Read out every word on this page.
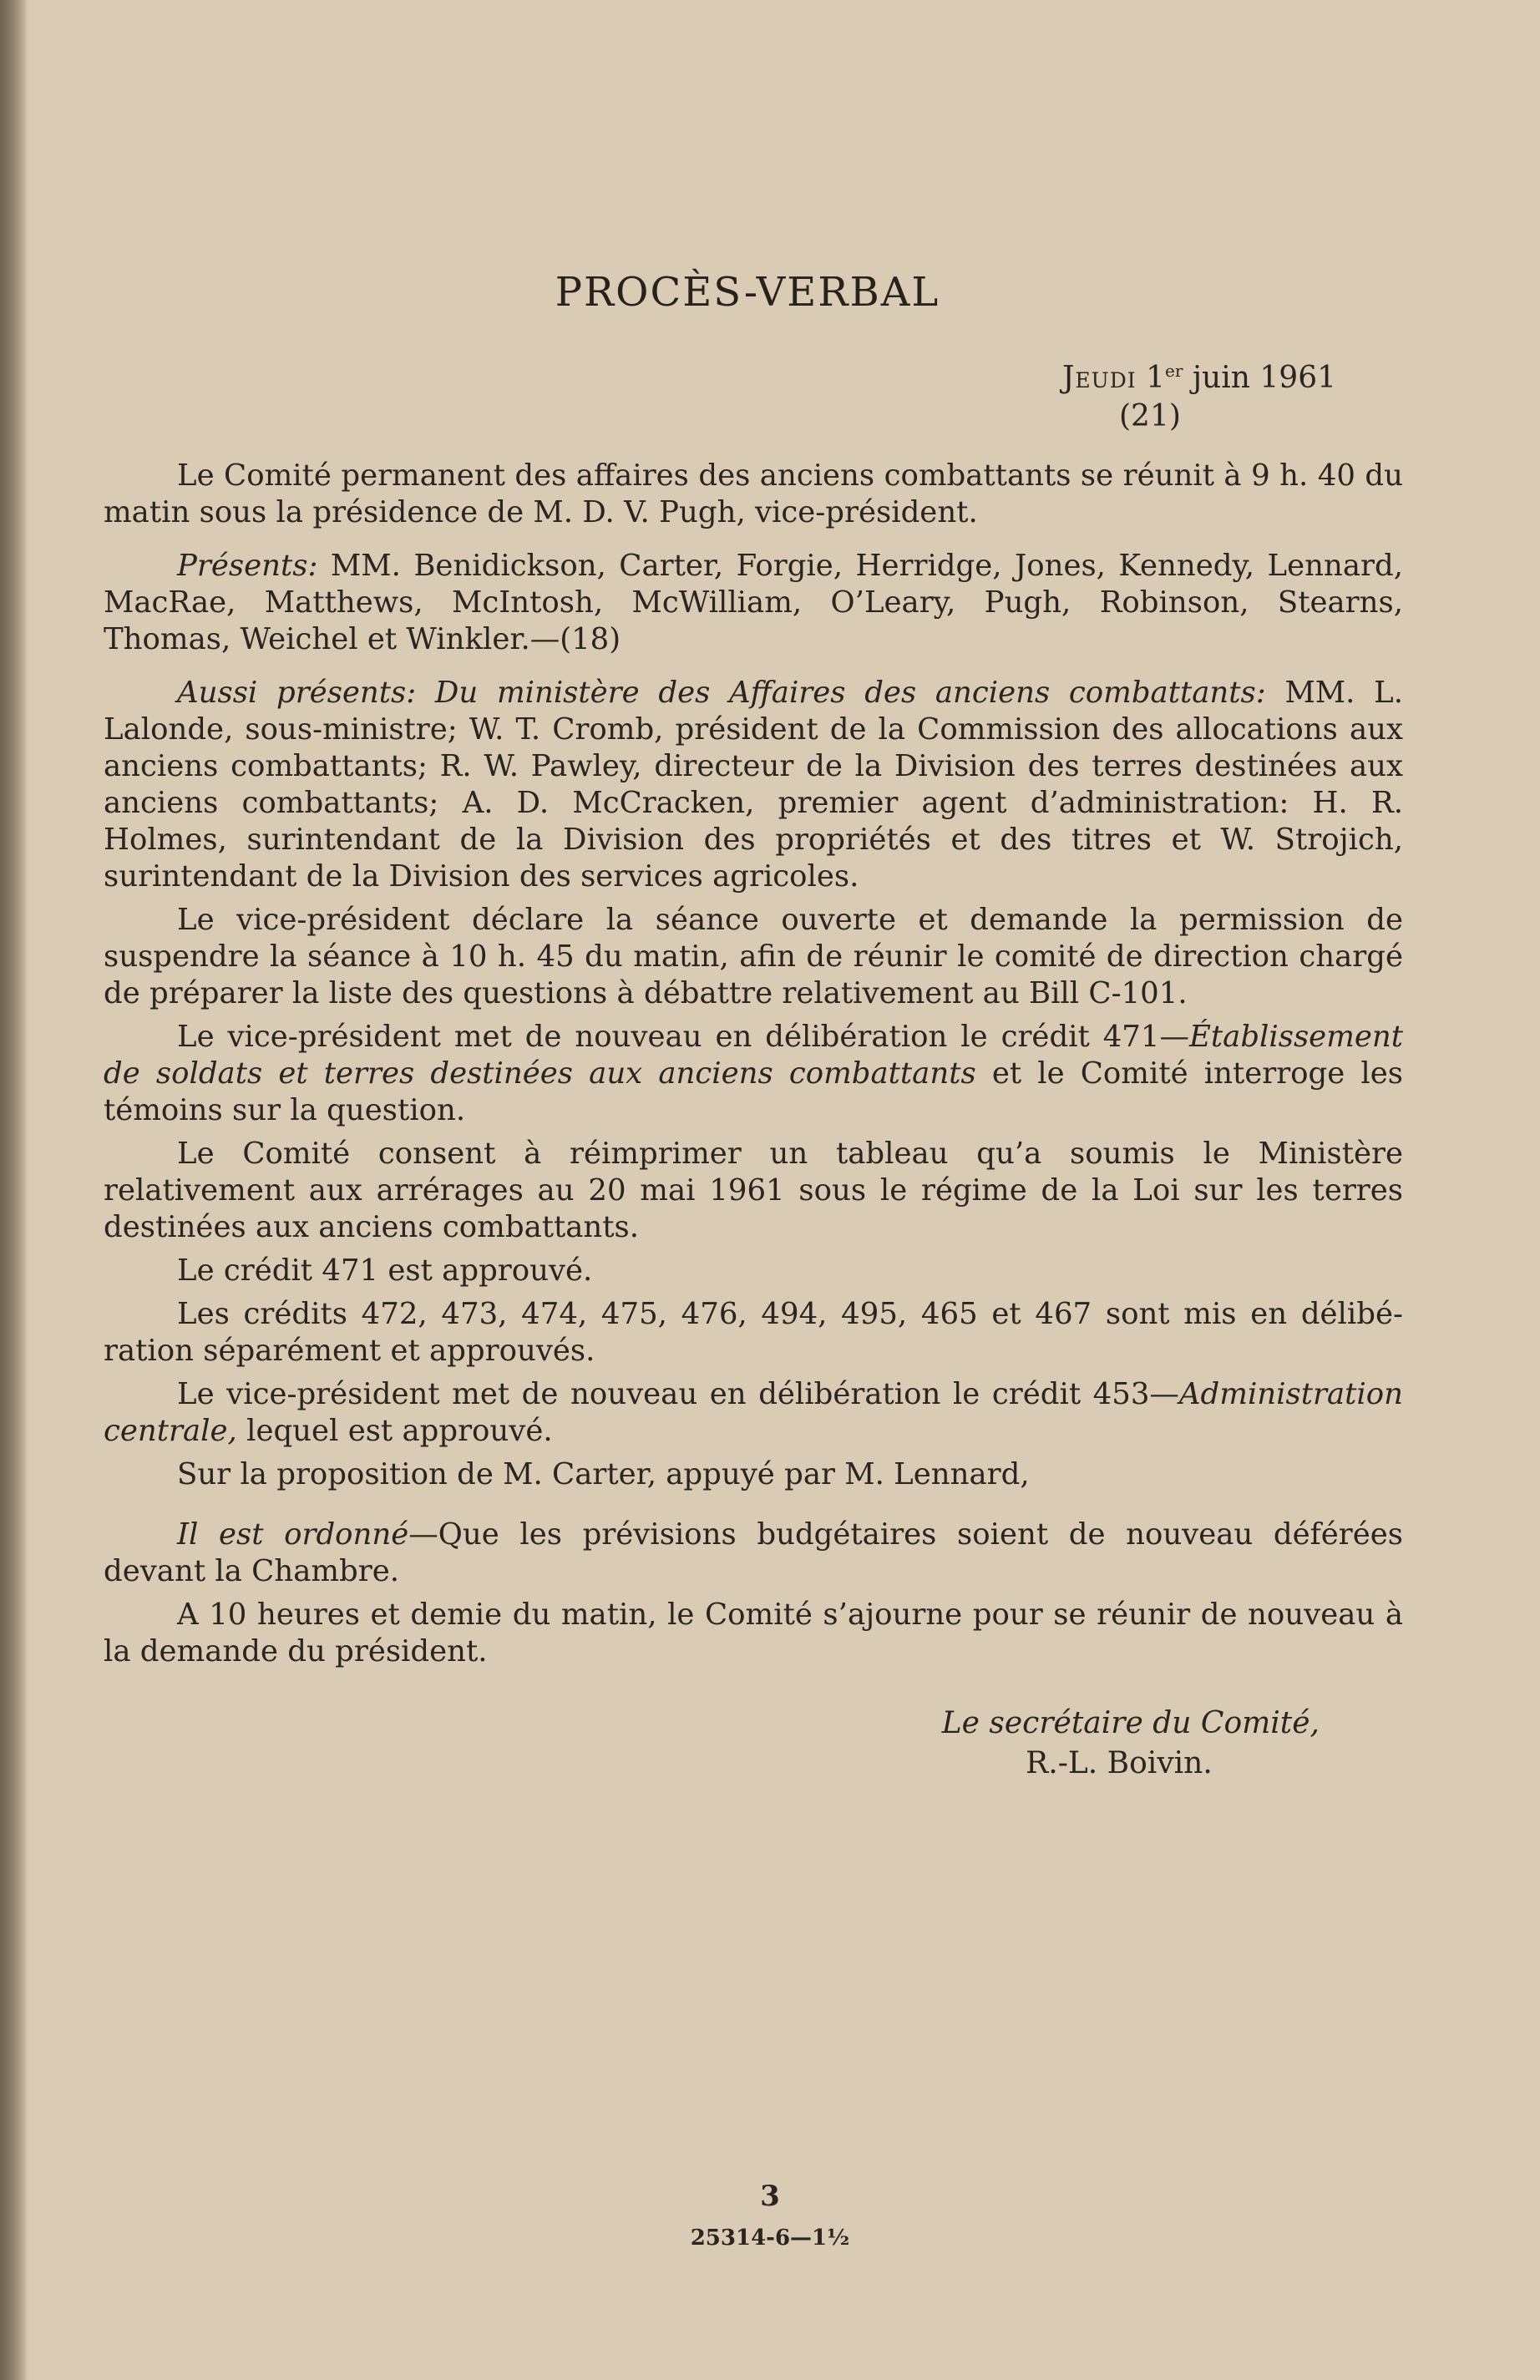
PROCÈS-VERBAL
Jeudi 1er juin 1961
(21)

Le Comité permanent des affaires des anciens combattants se réunit à 9 h. 40 du matin sous la présidence de M. D. V. Pugh, vice-président.

Présents: MM. Benidickson, Carter, Forgie, Herridge, Jones, Kennedy, Lennard, MacRae, Matthews, McIntosh, McWilliam, O’Leary, Pugh, Robinson, Stearns, Thomas, Weichel et Winkler.—(18)

Aussi présents: Du ministère des Affaires des anciens combattants: MM. L. Lalonde, sous-ministre; W. T. Cromb, président de la Commission des allocations aux anciens combattants; R. W. Pawley, directeur de la Division des terres destinées aux anciens combattants; A. D. McCracken, premier agent d’administration: H. R. Holmes, surintendant de la Division des propriétés et des titres et W. Strojich, surintendant de la Division des services agricoles.

Le vice-président déclare la séance ouverte et demande la permission de suspendre la séance à 10 h. 45 du matin, afin de réunir le comité de direction chargé de préparer la liste des questions à débattre relativement au Bill C-101.

Le vice-président met de nouveau en délibération le crédit 471—Établissement de soldats et terres destinées aux anciens combattants et le Comité interroge les témoins sur la question.

Le Comité consent à réimprimer un tableau qu’a soumis le Ministère relativement aux arrérages au 20 mai 1961 sous le régime de la Loi sur les terres destinées aux anciens combattants.

Le crédit 471 est approuvé.

Les crédits 472, 473, 474, 475, 476, 494, 495, 465 et 467 sont mis en délibération séparément et approuvés.

Le vice-président met de nouveau en délibération le crédit 453—Administration centrale, lequel est approuvé.

Sur la proposition de M. Carter, appuyé par M. Lennard,

Il est ordonné—Que les prévisions budgétaires soient de nouveau déférées devant la Chambre.

A 10 heures et demie du matin, le Comité s’ajourne pour se réunir de nouveau à la demande du président.

Le secrétaire du Comité,
R.-L. Boivin.
3
25314-6—1½
